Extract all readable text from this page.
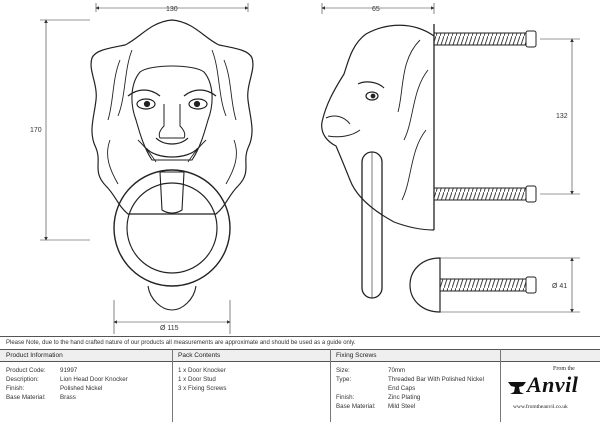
130
170
Ø 115
65
132
Ø 41
Please Note, due to the hand crafted nature of our products all measurements are approximate and should be used as a guide only.
Product Information	Pack Contents	Fixing Screws
Product Code: 91997
Description:	Lion Head Door Knocker
Finish:	Polished Nickel
Base Material: Brass
1 x Door Knocker
1 x Door Stud
3 x Fixing Screws
Size:	70mm
Type:	Threaded Bar With Polished Nickel
End Caps
Finish:	Zinc Plating
Base Material: Mild Steel
From the
Anvil
www.fromtheanvil.co.uk
